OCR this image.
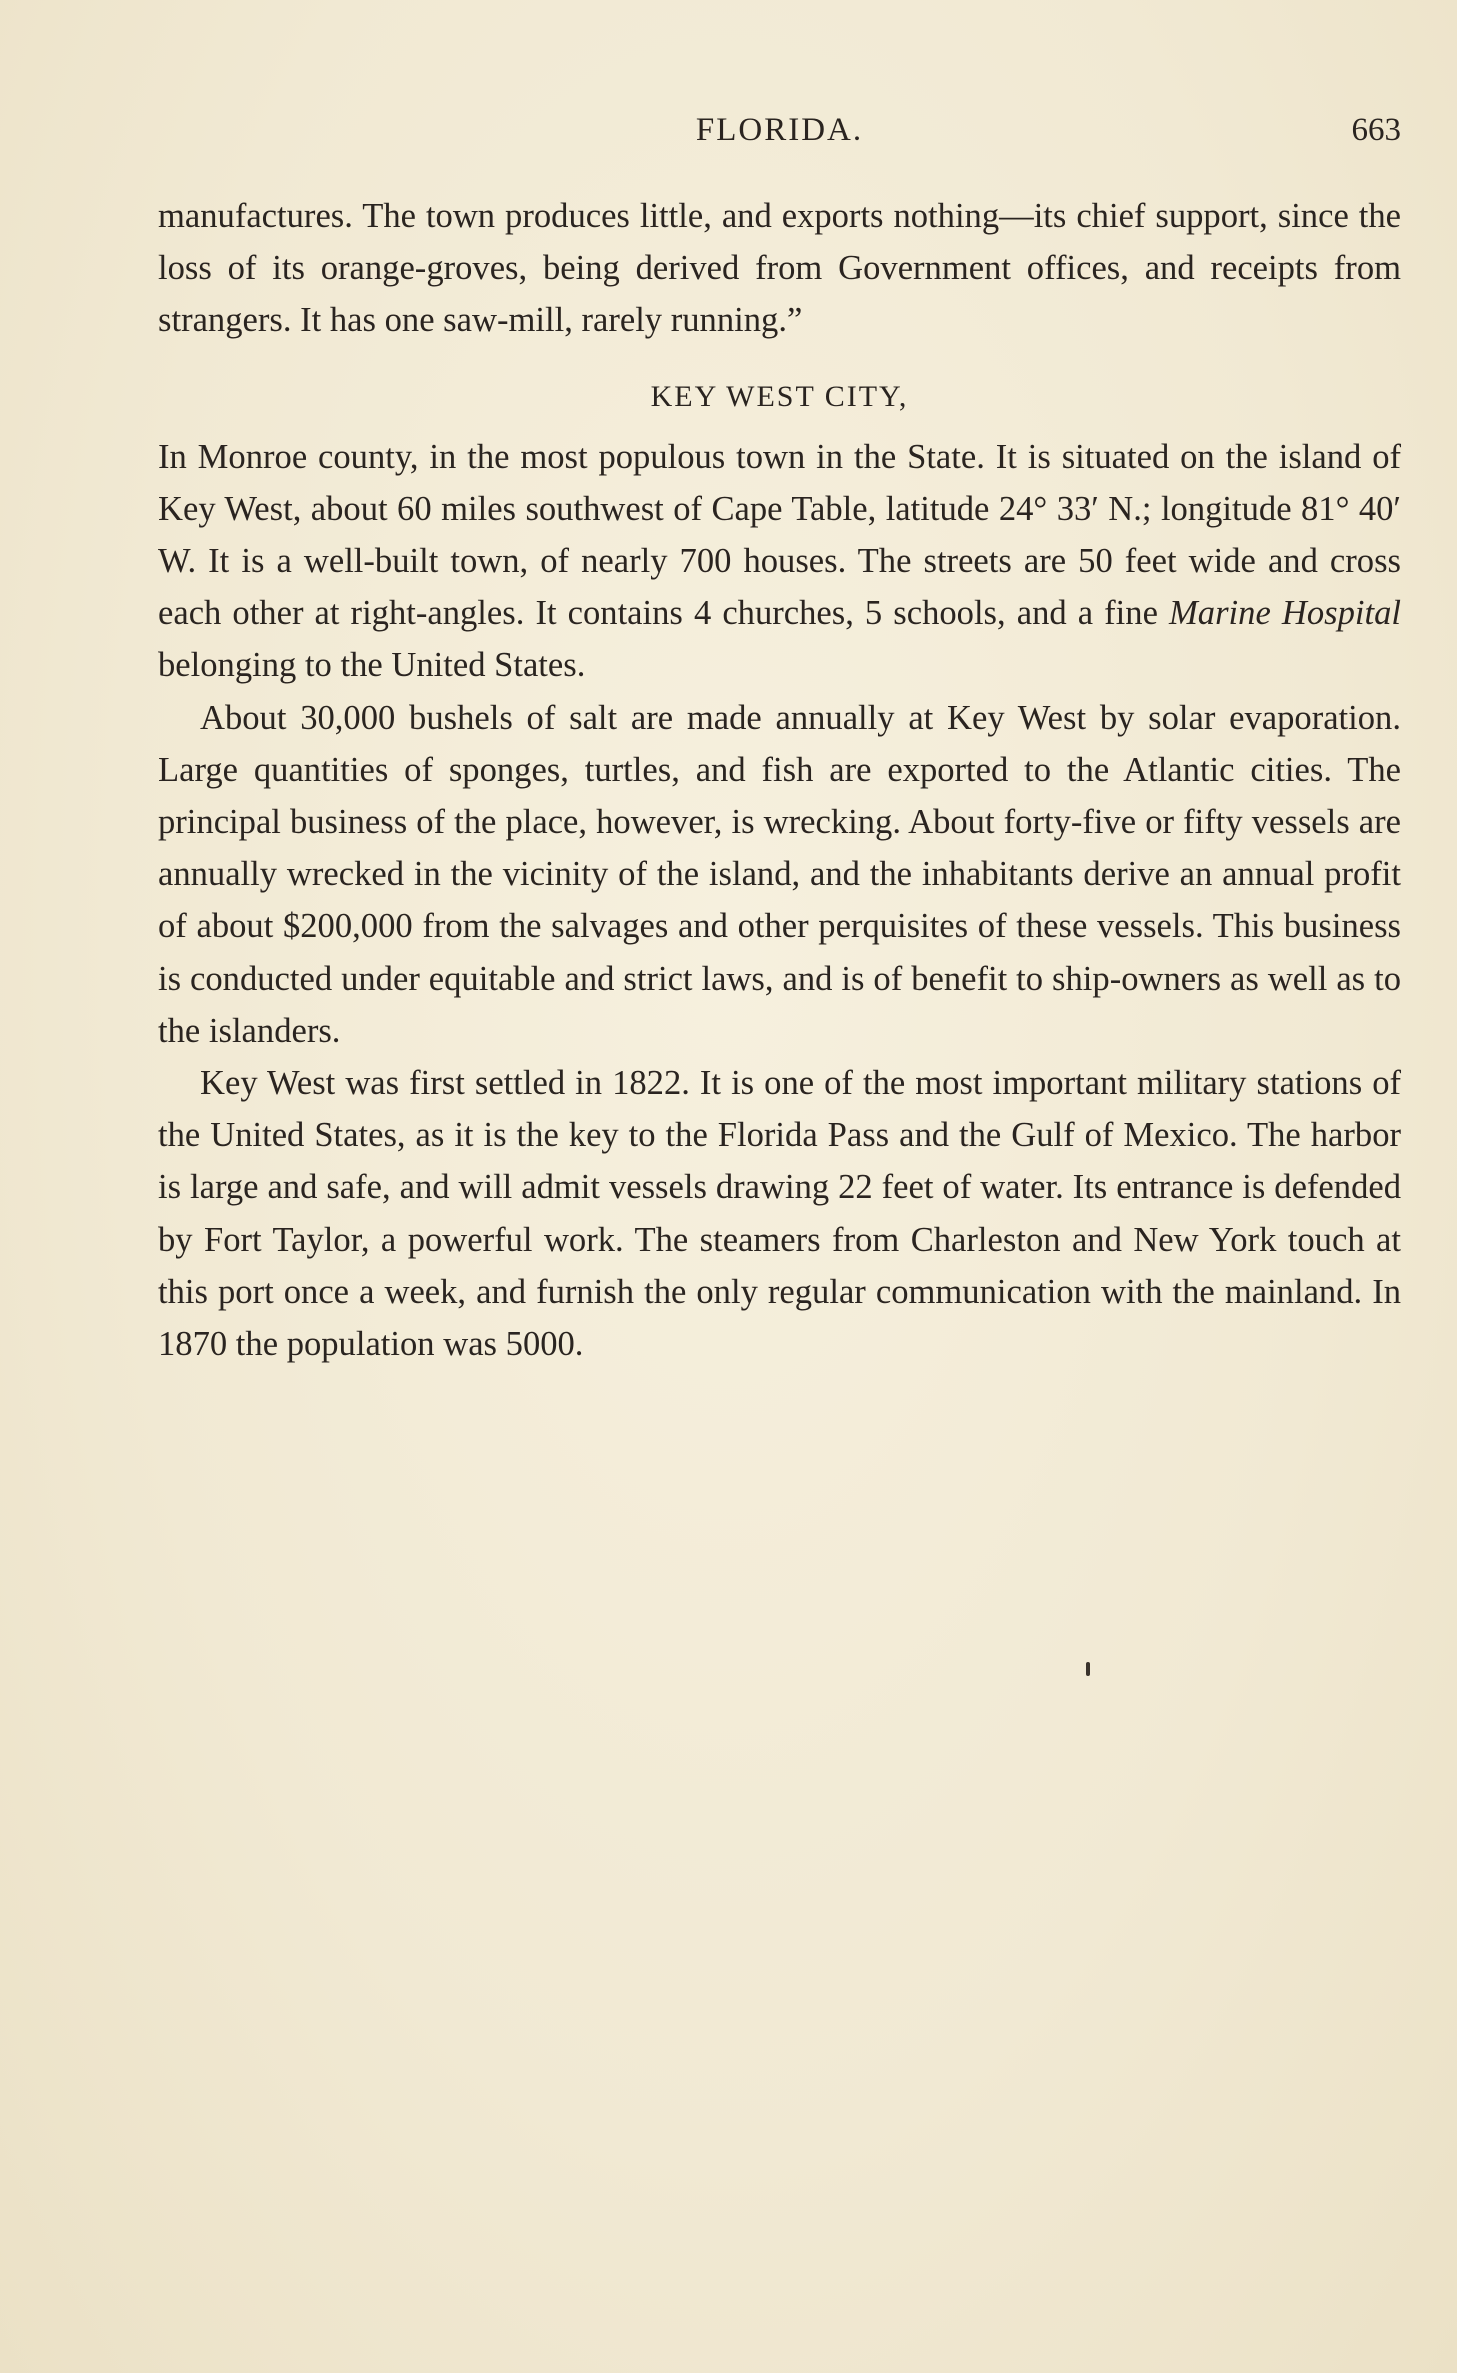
FLORIDA.	663

manufactures. The town produces little, and exports nothing—its chief support, since the loss of its orange-groves, being derived from Government offices, and receipts from strangers. It has one saw-mill, rarely running.”

KEY WEST CITY,

In Monroe county, in the most populous town in the State. It is situated on the island of Key West, about 60 miles southwest of Cape Table, latitude 24° 33′ N.; longitude 81° 40′ W. It is a well-built town, of nearly 700 houses. The streets are 50 feet wide and cross each other at right-angles. It contains 4 churches, 5 schools, and a fine Marine Hospital belonging to the United States.

About 30,000 bushels of salt are made annually at Key West by solar evaporation. Large quantities of sponges, turtles, and fish are exported to the Atlantic cities. The principal business of the place, however, is wrecking. About forty-five or fifty vessels are annually wrecked in the vicinity of the island, and the inhabitants derive an annual profit of about $200,000 from the salvages and other perquisites of these vessels. This business is conducted under equitable and strict laws, and is of benefit to ship-owners as well as to the islanders.

Key West was first settled in 1822. It is one of the most important military stations of the United States, as it is the key to the Florida Pass and the Gulf of Mexico. The harbor is large and safe, and will admit vessels drawing 22 feet of water. Its entrance is defended by Fort Taylor, a powerful work. The steamers from Charleston and New York touch at this port once a week, and furnish the only regular communication with the mainland. In 1870 the population was 5000.
